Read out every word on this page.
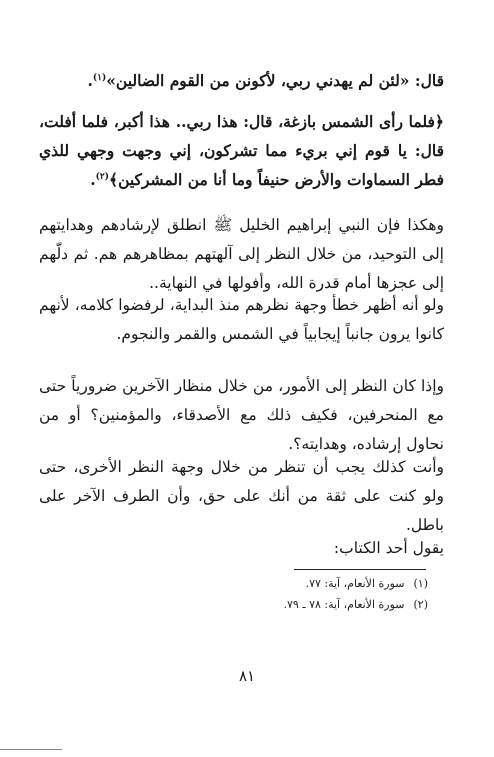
قال: «لئن لم يهدني ربي، لأكونن من القوم الضالين»$^{(١)}$.

﴿فلما رأى الشمس بازغة، قال: هذا ربي.. هذا أكبر، فلما أفلت، قال: يا قوم إني بريء مما تشركون، إني وجهت وجهي للذي فطر السماوات والأرض حنيفاً وما أنا من المشركين﴾$^{(٢)}$.

وهكذا فإن النبي إبراهيم الخليل ﷺ انطلق لإرشادهم وهدايتهم إلى التوحيد، من خلال النظر إلى آلهتهم بمظاهرهم هم. ثم دلّهم إلى عجزها أمام قدرة الله، وأفولها في النهاية..

ولو أنه أظهر خطأ وجهة نظرهم منذ البداية، لرفضوا كلامه، لأنهم كانوا يرون جانباً إيجابياً في الشمس والقمر والنجوم.

وإذا كان النظر إلى الأمور، من خلال منظار الآخرين ضرورياً حتى مع المنحرفين، فكيف ذلك مع الأصدقاء، والمؤمنين؟ أو من نحاول إرشاده، وهدايته؟.

وأنت كذلك يجب أن تنظر من خلال وجهة النظر الأخرى، حتى ولو كنت على ثقة من أنك على حق، وأن الطرف الآخر على باطل.

يقول أحد الكتاب:

(١) سورة الأنعام، آية: ٧٧.
(٢) سورة الأنعام، آية: ٧٨ ـ ٧٩.
٨١
